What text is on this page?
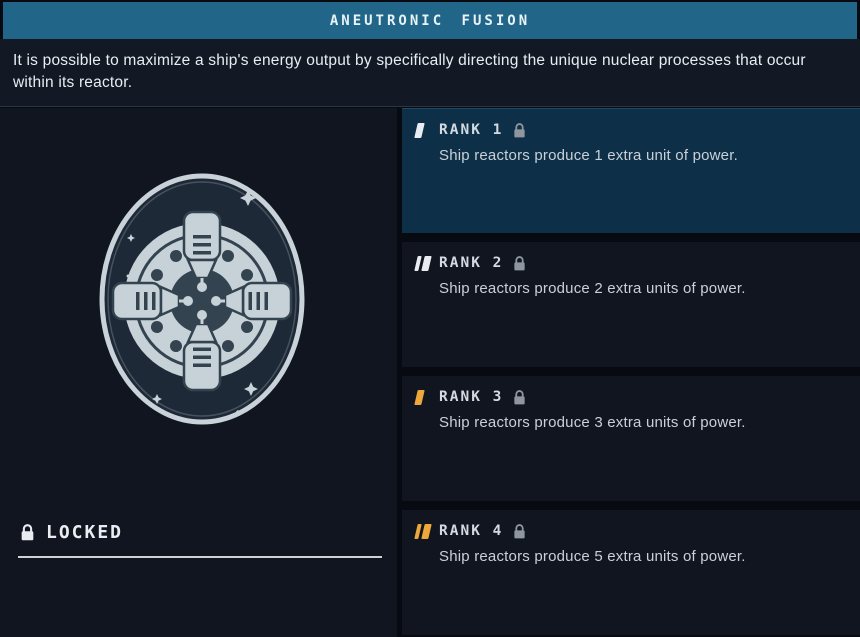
ANEUTRONIC FUSION
It is possible to maximize a ship's energy output by specifically directing the unique nuclear processes that occur within its reactor.
LOCKED
RANK 1
Ship reactors produce 1 extra unit of power.
RANK 2
Ship reactors produce 2 extra units of power.
RANK 3
Ship reactors produce 3 extra units of power.
RANK 4
Ship reactors produce 5 extra units of power.
